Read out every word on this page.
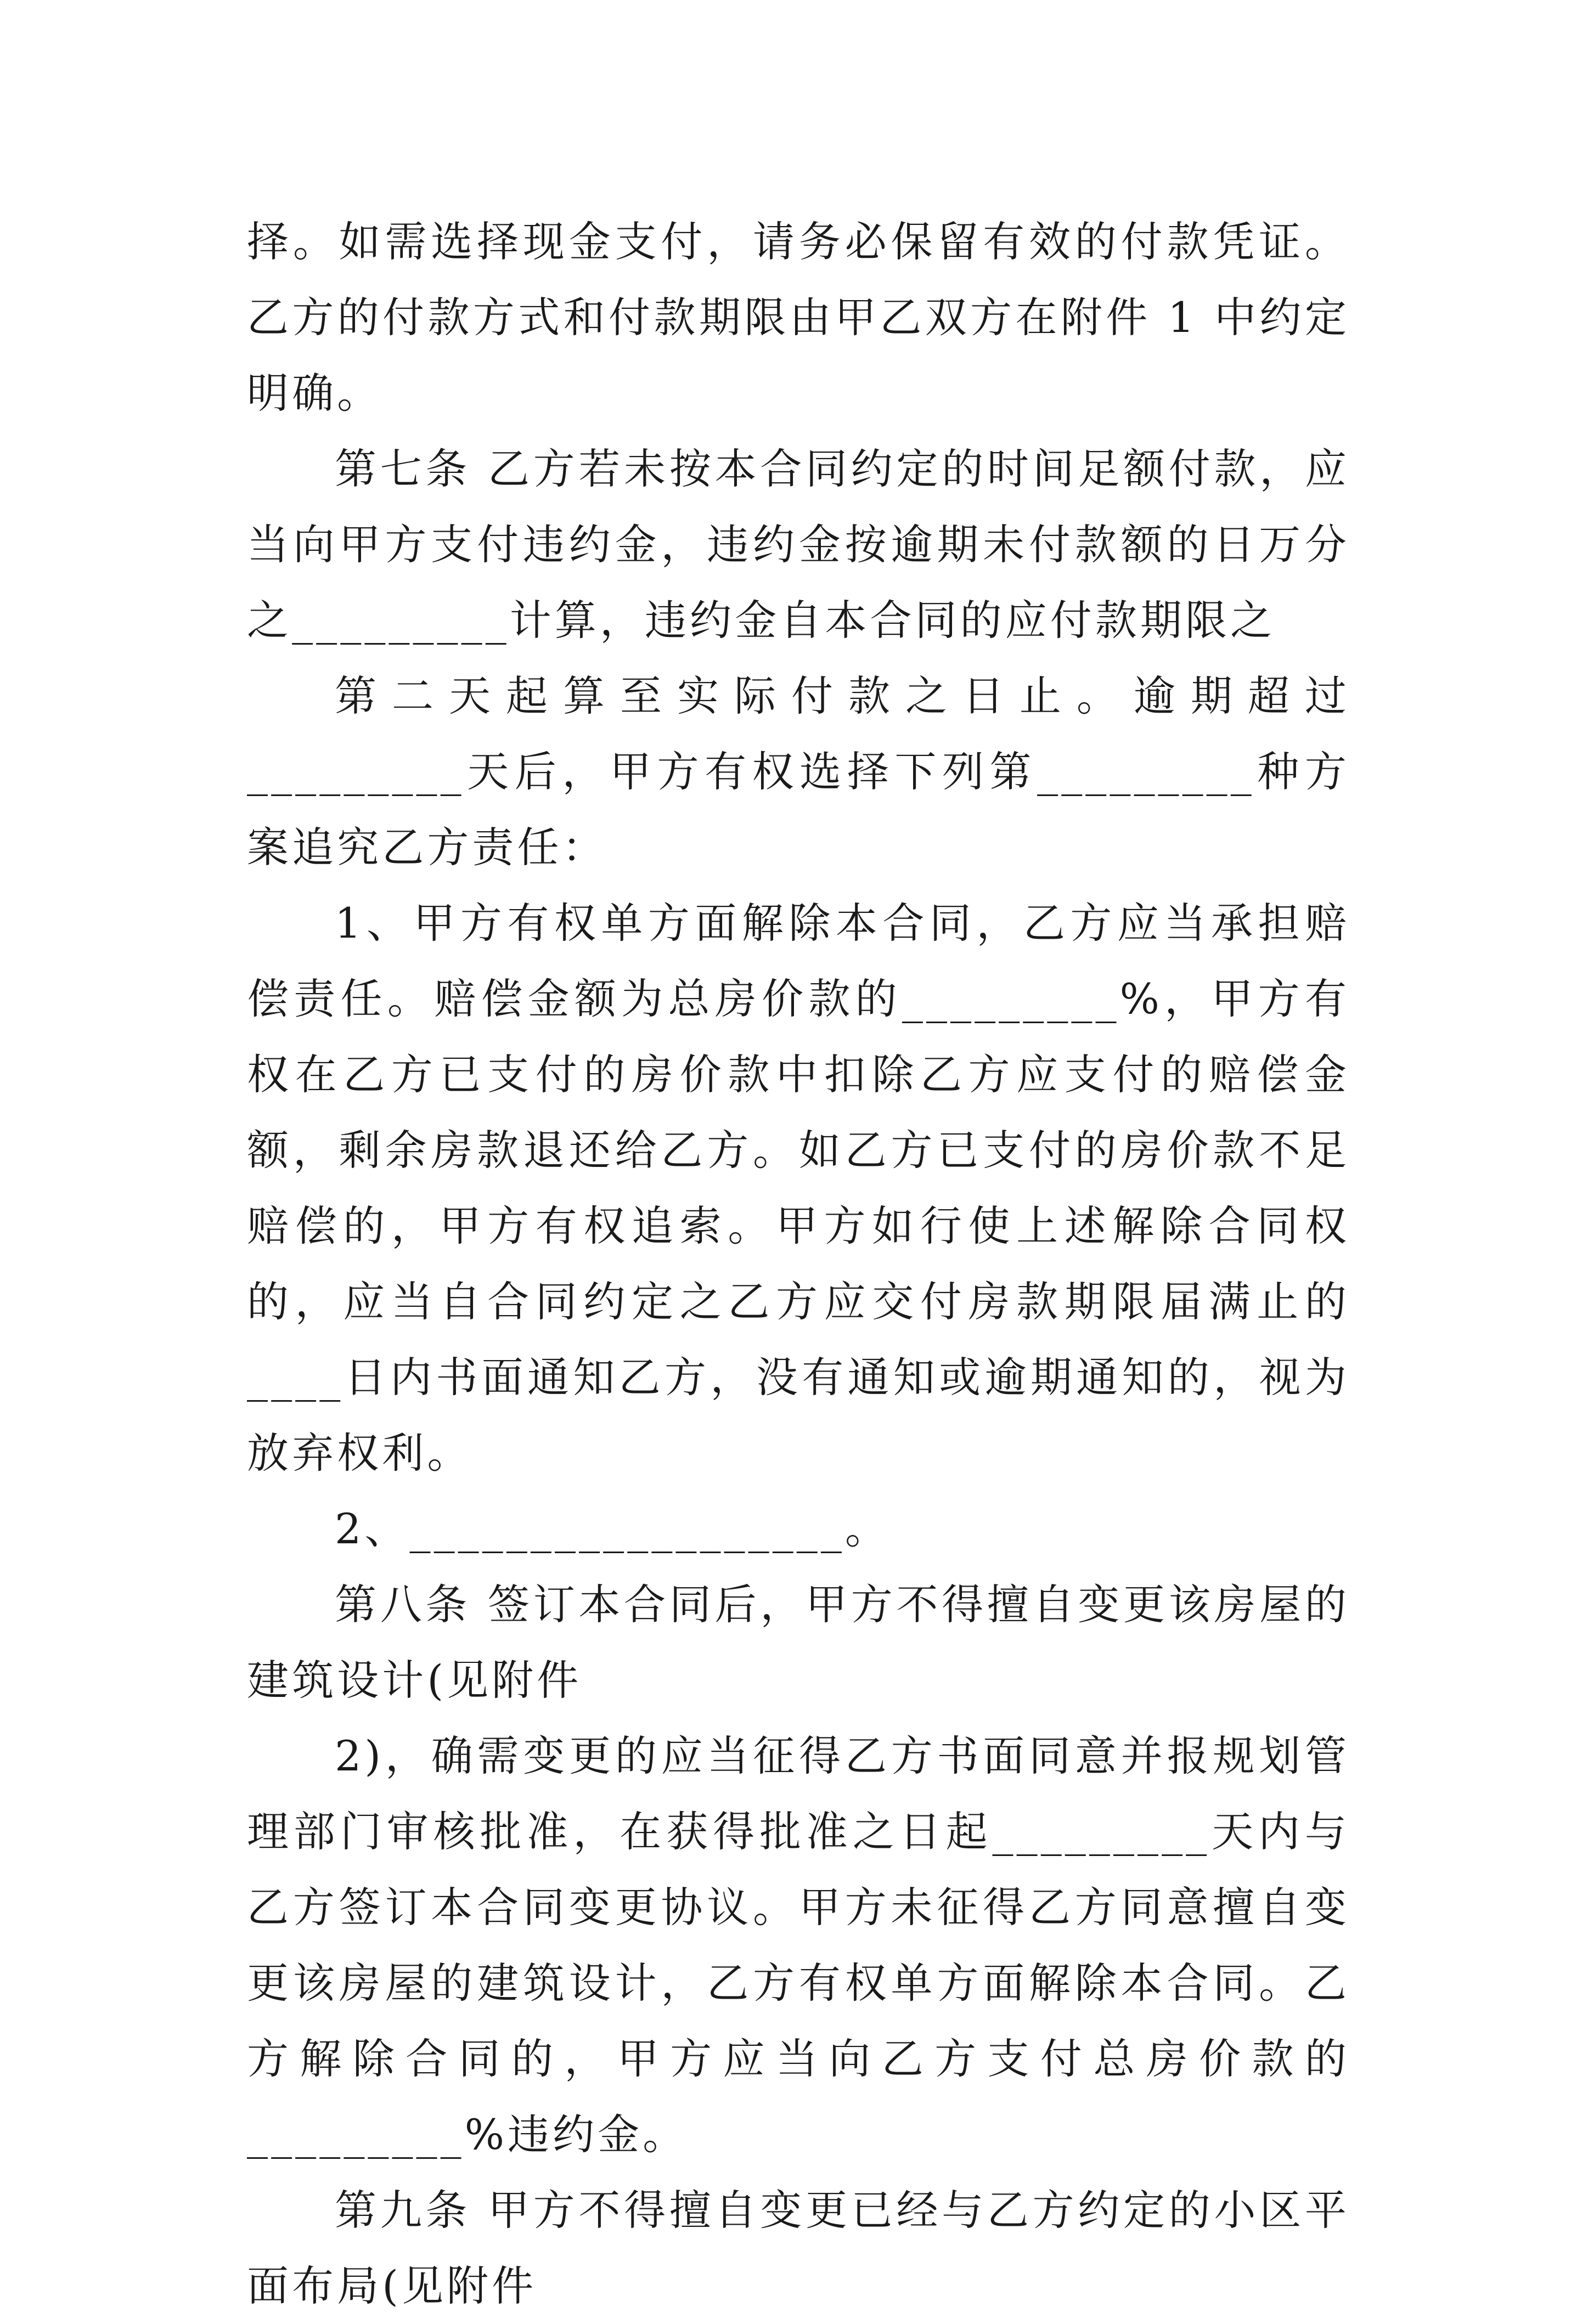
择。如需选择现金支付，请务必保留有效的付款凭证。乙方的付款方式和付款期限由甲乙双方在附件 1 中约定明确。

第七条 乙方若未按本合同约定的时间足额付款，应当向甲方支付违约金，违约金按逾期未付款额的日万分之_________计算，违约金自本合同的应付款期限之

第二天起算至实际付款之日止。逾期超过_________天后，甲方有权选择下列第_________种方案追究乙方责任：

1、甲方有权单方面解除本合同，乙方应当承担赔偿责任。赔偿金额为总房价款的_________%，甲方有权在乙方已支付的房价款中扣除乙方应支付的赔偿金额，剩余房款退还给乙方。如乙方已支付的房价款不足赔偿的，甲方有权追索。甲方如行使上述解除合同权的，应当自合同约定之乙方应交付房款期限届满止的____日内书面通知乙方，没有通知或逾期通知的，视为放弃权利。

2、__________________。

第八条 签订本合同后，甲方不得擅自变更该房屋的建筑设计(见附件

2)，确需变更的应当征得乙方书面同意并报规划管理部门审核批准，在获得批准之日起_________天内与乙方签订本合同变更协议。甲方未征得乙方同意擅自变更该房屋的建筑设计，乙方有权单方面解除本合同。乙方解除合同的，甲方应当向乙方支付总房价款的_________%违约金。

第九条 甲方不得擅自变更已经与乙方约定的小区平面布局(见附件
